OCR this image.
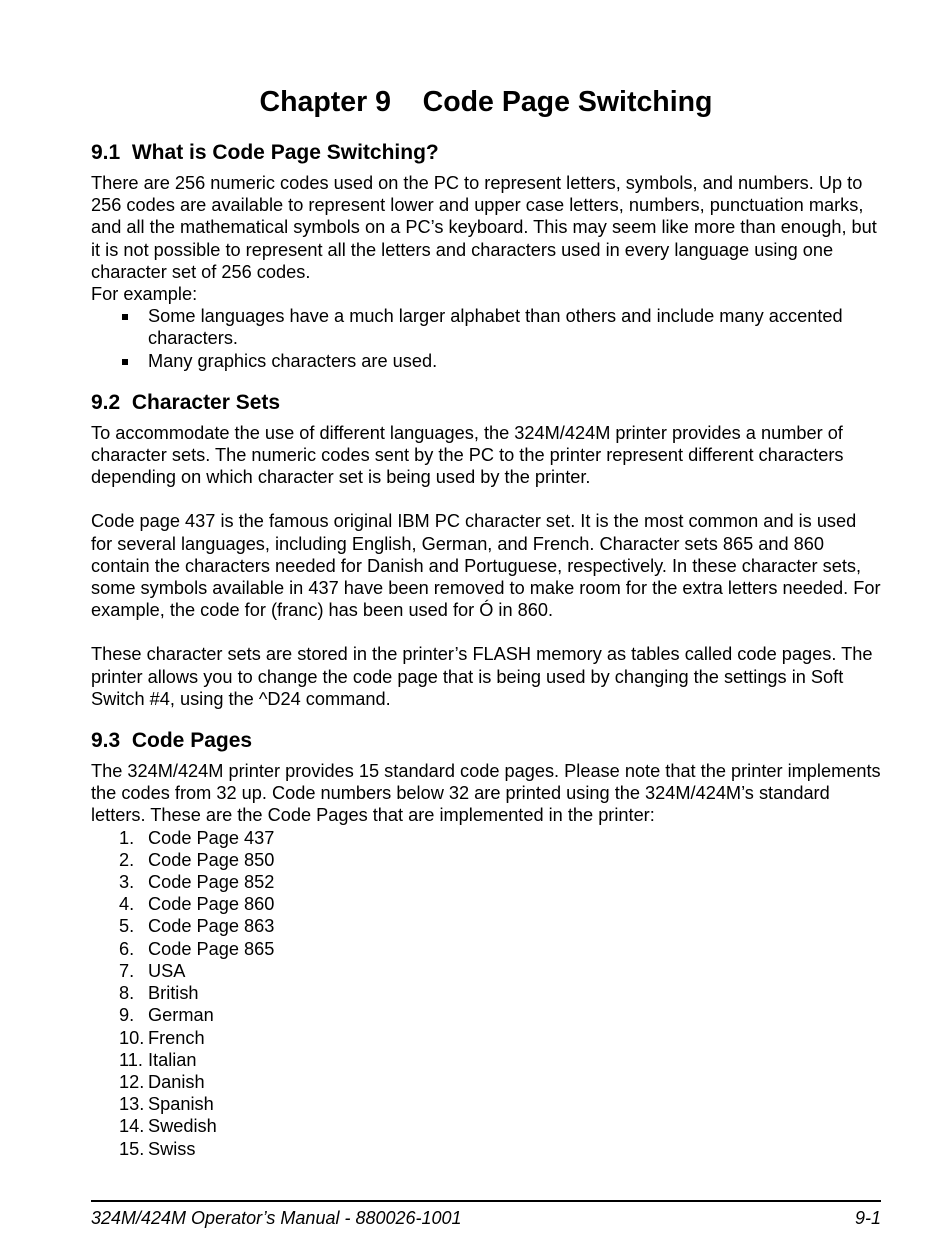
Chapter 9    Code Page Switching
9.1  What is Code Page Switching?

There are 256 numeric codes used on the PC to represent letters, symbols, and numbers. Up to 256 codes are available to represent lower and upper case letters, numbers, punctuation marks, and all the mathematical symbols on a PC’s keyboard. This may seem like more than enough, but it is not possible to represent all the letters and characters used in every language using one character set of 256 codes.

For example:

Some languages have a much larger alphabet than others and include many accented characters.
Many graphics characters are used.
9.2  Character Sets

To accommodate the use of different languages, the 324M/424M printer provides a number of character sets. The numeric codes sent by the PC to the printer represent different characters depending on which character set is being used by the printer.

Code page 437 is the famous original IBM PC character set. It is the most common and is used for several languages, including English, German, and French. Character sets 865 and 860 contain the characters needed for Danish and Portuguese, respectively. In these character sets, some symbols available in 437 have been removed to make room for the extra letters needed. For example, the code for (franc) has been used for Ó in 860.

These character sets are stored in the printer’s FLASH memory as tables called code pages. The printer allows you to change the code page that is being used by changing the settings in Soft Switch #4, using the ^D24 command.

9.3  Code Pages

The 324M/424M printer provides 15 standard code pages. Please note that the printer implements the codes from 32 up. Code numbers below 32 are printed using the 324M/424M’s standard letters. These are the Code Pages that are implemented in the printer:

1. Code Page 437
2. Code Page 850
3. Code Page 852
4. Code Page 860
5. Code Page 863
6. Code Page 865
7. USA
8. British
9. German
10. French
11. Italian
12. Danish
13. Spanish
14. Swedish
15. Swiss
324M/424M Operator’s Manual - 880026-1001	9-1
